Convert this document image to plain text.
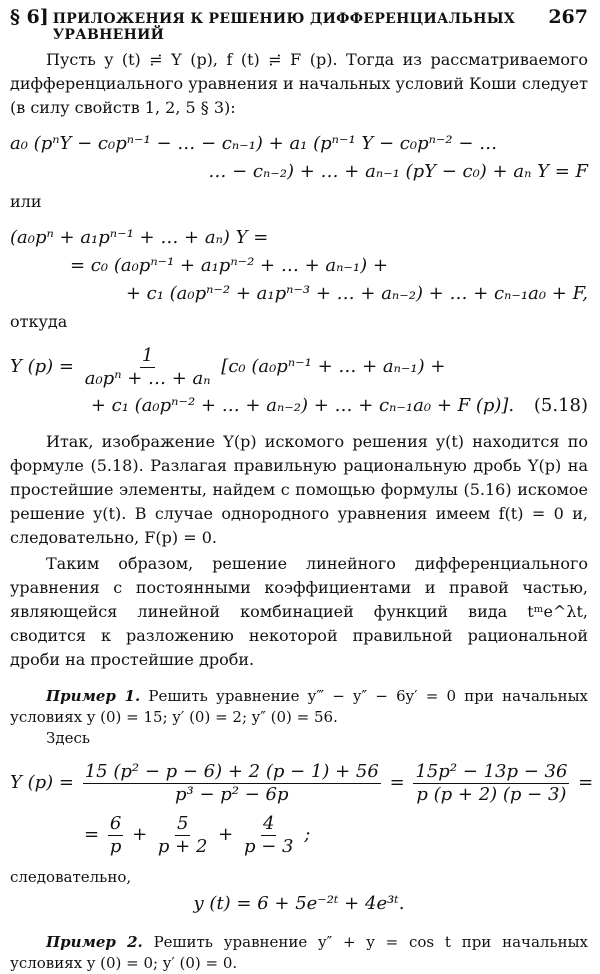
§ 6] ПРИЛОЖЕНИЯ К РЕШЕНИЮ ДИФФЕРЕНЦИАЛЬНЫХ УРАВНЕНИЙ
267

Пусть y (t) ≓ Y (p), f (t) ≓ F (p). Тогда из рассматриваемого дифференциального уравнения и начальных условий Коши следует (в силу свойств 1, 2, 5 § 3):

a₀ (pⁿY − c₀pⁿ⁻¹ − … − cₙ₋₁) + a₁ (pⁿ⁻¹ Y − c₀pⁿ⁻² − …
… − cₙ₋₂) + … + aₙ₋₁ (pY − c₀) + aₙ Y = F
или
(a₀pⁿ + a₁pⁿ⁻¹ + … + aₙ) Y =
= c₀ (a₀pⁿ⁻¹ + a₁pⁿ⁻² + … + aₙ₋₁) +
+ c₁ (a₀pⁿ⁻² + a₁pⁿ⁻³ + … + aₙ₋₂) + … + cₙ₋₁a₀ + F,
откуда
Y $(p) = \frac{1}{\text{a₀pⁿ + … + aₙ}} [c_0$ (a₀pⁿ⁻¹ + … + aₙ₋₁) +
+ c₁ (a₀pⁿ⁻² + … + aₙ₋₂) + … + cₙ₋₁a₀ + F (p)]. (5.18)

Итак, изображение Y(p) искомого решения y(t) находится по формуле (5.18). Разлагая правильную рациональную дробь Y(p) на простейшие элементы, найдем с помощью формулы (5.16) искомое решение y(t). В случае однородного уравнения имеем f(t) = 0 и, следовательно, F(p) = 0.

Таким образом, решение линейного дифференциального уравнения с постоянными коэффициентами и правой частью, являющейся линейной комбинацией функций вида tᵐe^λt, сводится к разложению некоторой правильной рациональной дроби на простейшие дроби.

Пример 1. Решить уравнение y‴ − y″ − 6y′ = 0 при начальных условиях y (0) = 15; y′ (0) = 2; y″ (0) = 56.

Здесь
Y $(p) = \frac{\text{15 (p² − p − 6) + 2 (p − 1) + 56}}{\text{p³ − p² − 6p}} = \frac{\text{15p² − 13p − 36}}{p (p + 2) (p - 3)}$ =
= $\frac{6}{p} + \frac{5}{p + 2} + \frac{4}{p - 3}$ ;
следовательно,
y (t) = 6 + 5e⁻²ᵗ + 4e³ᵗ.

Пример 2. Решить уравнение y″ + y = cos t при начальных условиях y (0) = 0; y′ (0) = 0.
